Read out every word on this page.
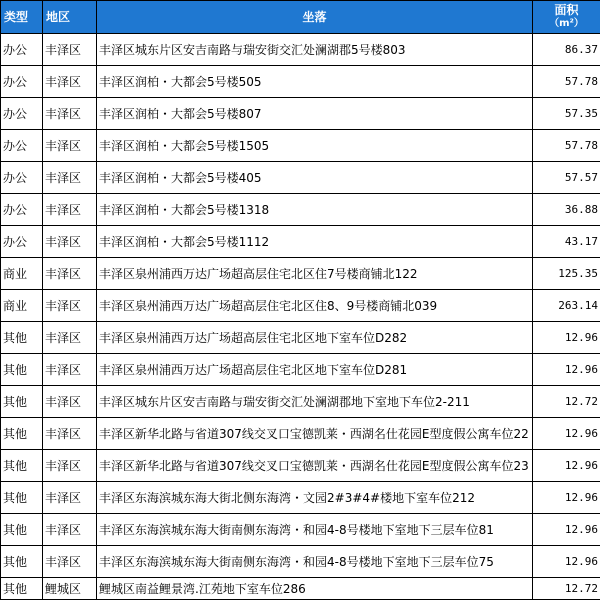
类型	地区	坐落	面积
（m²）

办公	丰泽区	丰泽区城东片区安吉南路与瑞安街交汇处澜湖郡5号楼803	86.37
办公	丰泽区	丰泽区润柏・大都会5号楼505	57.78
办公	丰泽区	丰泽区润柏・大都会5号楼807	57.35
办公	丰泽区	丰泽区润柏・大都会5号楼1505	57.78
办公	丰泽区	丰泽区润柏・大都会5号楼405	57.57
办公	丰泽区	丰泽区润柏・大都会5号楼1318	36.88
办公	丰泽区	丰泽区润柏・大都会5号楼1112	43.17
商业	丰泽区	丰泽区泉州浦西万达广场超高层住宅北区住7号楼商铺北122	125.35
商业	丰泽区	丰泽区泉州浦西万达广场超高层住宅北区住8、9号楼商铺北039	263.14
其他	丰泽区	丰泽区泉州浦西万达广场超高层住宅北区地下室车位D282	12.96
其他	丰泽区	丰泽区泉州浦西万达广场超高层住宅北区地下室车位D281	12.96
其他	丰泽区	丰泽区城东片区安吉南路与瑞安街交汇处澜湖郡地下室地下车位2-211	12.72
其他	丰泽区	丰泽区新华北路与省道307线交叉口宝德凯莱・西湖名仕花园E型度假公寓车位22	12.96
其他	丰泽区	丰泽区新华北路与省道307线交叉口宝德凯莱・西湖名仕花园E型度假公寓车位23	12.96
其他	丰泽区	丰泽区东海滨城东海大街北侧东海湾・文园2#3#4#楼地下室车位212	12.96
其他	丰泽区	丰泽区东海滨城东海大街南侧东海湾・和园4-8号楼地下室地下三层车位81	12.96
其他	丰泽区	丰泽区东海滨城东海大街南侧东海湾・和园4-8号楼地下室地下三层车位75	12.96
其他	鲤城区	鲤城区南益鲤景湾.江苑地下室车位286	12.72
